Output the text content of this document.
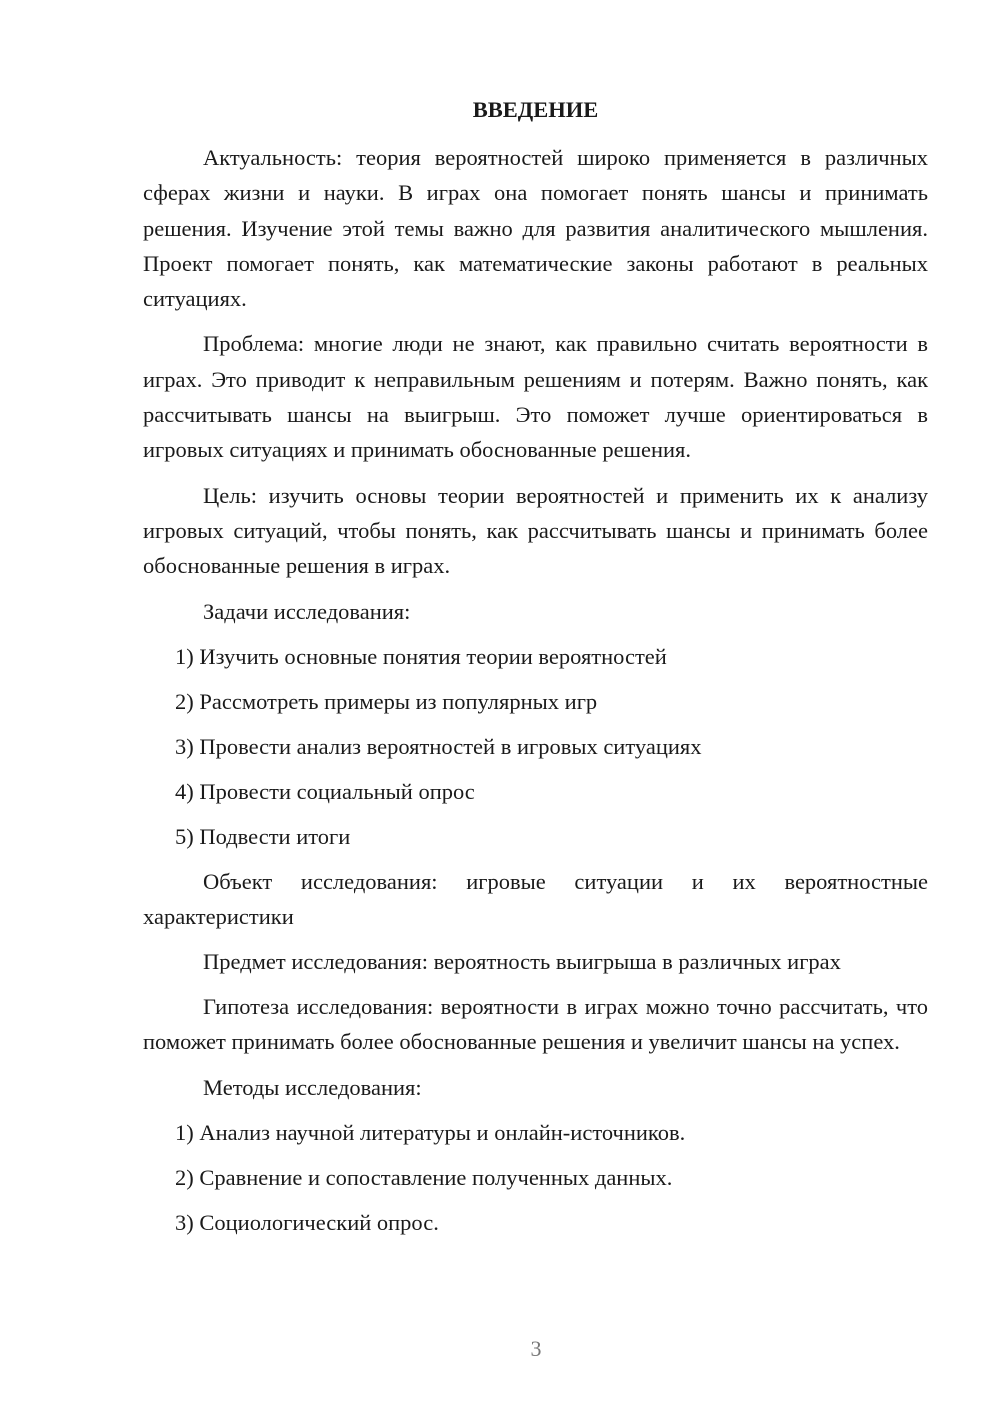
ВВЕДЕНИЕ

Актуальность: теория вероятностей широко применяется в различных сферах жизни и науки. В играх она помогает понять шансы и принимать решения. Изучение этой темы важно для развития аналитического мышления. Проект помогает понять, как математические законы работают в реальных ситуациях.

Проблема: многие люди не знают, как правильно считать вероятности в играх. Это приводит к неправильным решениям и потерям. Важно понять, как рассчитывать шансы на выигрыш. Это поможет лучше ориентироваться в игровых ситуациях и принимать обоснованные решения.

Цель: изучить основы теории вероятностей и применить их к анализу игровых ситуаций, чтобы понять, как рассчитывать шансы и принимать более обоснованные решения в играх.

Задачи исследования:

1) Изучить основные понятия теории вероятностей
2) Рассмотреть примеры из популярных игр
3) Провести анализ вероятностей в игровых ситуациях
4) Провести социальный опрос
5) Подвести итоги

Объект исследования: игровые ситуации и их вероятностные характеристики

Предмет исследования: вероятность выигрыша в различных играх

Гипотеза исследования: вероятности в играх можно точно рассчитать, что поможет принимать более обоснованные решения и увеличит шансы на успех.

Методы исследования:

1) Анализ научной литературы и онлайн-источников.
2) Сравнение и сопоставление полученных данных.
3) Социологический опрос.
3
